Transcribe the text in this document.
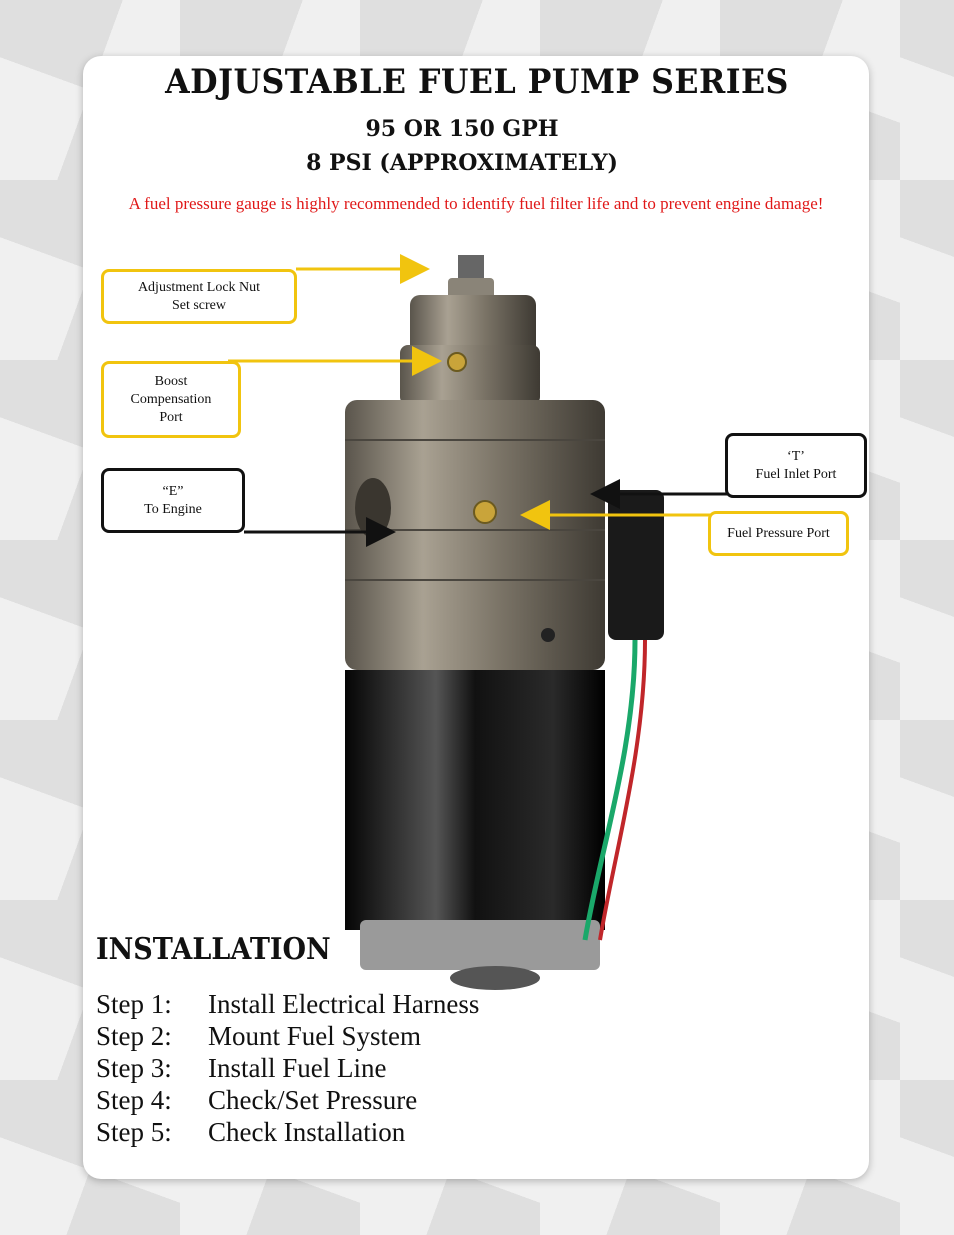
ADJUSTABLE FUEL PUMP SERIES
95 OR 150 GPH
8 PSI (APPROXIMATELY)
A fuel pressure gauge is highly recommended to identify fuel filter life and to prevent engine damage!
Adjustment Lock Nut
Set screw
Boost
Compensation
Port
“E”
To Engine
‘T’
Fuel Inlet Port
Fuel Pressure Port
INSTALLATION
Step 1:	Install Electrical Harness
Step 2:	Mount Fuel System
Step 3:	Install Fuel Line
Step 4:	Check/Set Pressure
Step 5:	Check Installation
